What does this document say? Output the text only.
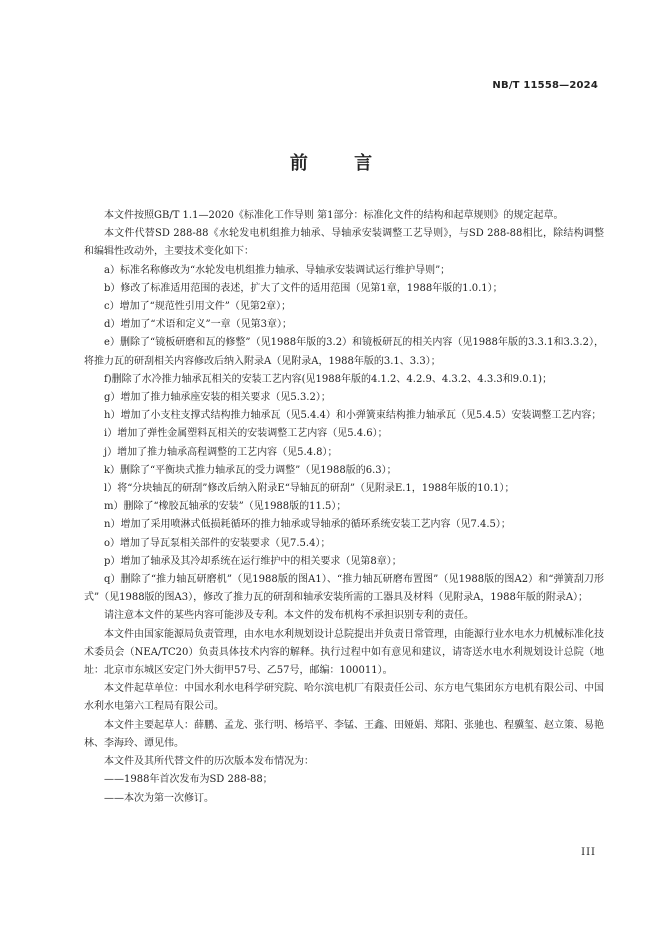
NB/T 11558—2024
前 言

本文件按照GB/T 1.1—2020《标准化工作导则 第1部分：标准化文件的结构和起草规则》的规定起草。

本文件代替SD 288-88《水轮发电机组推力轴承、导轴承安装调整工艺导则》，与SD 288-88相比，除结构调整和编辑性改动外，主要技术变化如下：

a）标准名称修改为“水轮发电机组推力轴承、导轴承安装调试运行维护导则”；

b）修改了标准适用范围的表述，扩大了文件的适用范围（见第1章，1988年版的1.0.1）；

c）增加了“规范性引用文件”（见第2章）；

d）增加了“术语和定义”一章（见第3章）；

e）删除了“镜板研磨和瓦的修整”（见1988年版的3.2）和镜板研瓦的相关内容（见1988年版的3.3.1和3.3.2），将推力瓦的研刮相关内容修改后纳入附录A（见附录A，1988年版的3.1、3.3）；

f)删除了水冷推力轴承瓦相关的安装工艺内容(见1988年版的4.1.2、4.2.9、4.3.2、4.3.3和9.0.1)；

g）增加了推力轴承座安装的相关要求（见5.3.2）；

h）增加了小支柱支撑式结构推力轴承瓦（见5.4.4）和小弹簧束结构推力轴承瓦（见5.4.5）安装调整工艺内容；

i）增加了弹性金属塑料瓦相关的安装调整工艺内容（见5.4.6）；

j）增加了推力轴承高程调整的工艺内容（见5.4.8）；

k）删除了“平衡块式推力轴承瓦的受力调整”（见1988版的6.3）；

l）将“分块轴瓦的研刮”修改后纳入附录E“导轴瓦的研刮”（见附录E.1，1988年版的10.1）；

m）删除了“橡胶瓦轴承的安装”（见1988版的11.5）；

n）增加了采用喷淋式低损耗循环的推力轴承或导轴承的循环系统安装工艺内容（见7.4.5）；

o）增加了导瓦泵相关部件的安装要求（见7.5.4）；

p）增加了轴承及其冷却系统在运行维护中的相关要求（见第8章）；

q）删除了“推力轴瓦研磨机”（见1988版的图A1）、“推力轴瓦研磨布置图”（见1988版的图A2）和“弹簧刮刀形式”（见1988版的图A3），修改了推力瓦的研刮和轴承安装所需的工器具及材料（见附录A，1988年版的附录A）；

请注意本文件的某些内容可能涉及专利。本文件的发布机构不承担识别专利的责任。

本文件由国家能源局负责管理，由水电水利规划设计总院提出并负责日常管理，由能源行业水电水力机械标准化技术委员会（NEA/TC20）负责具体技术内容的解释。执行过程中如有意见和建议，请寄送水电水利规划设计总院（地址：北京市东城区安定门外大街甲57号、乙57号，邮编：100011）。

本文件起草单位：中国水利水电科学研究院、哈尔滨电机厂有限责任公司、东方电气集团东方电机有限公司、中国水利水电第六工程局有限公司。

本文件主要起草人：薛鹏、孟龙、张行明、杨培平、李锰、王鑫、田娅娟、郑阳、张驰也、程骥玺、赵立策、易艳林、李海玲、谭见伟。

本文件及其所代替文件的历次版本发布情况为：

——1988年首次发布为SD 288-88；

——本次为第一次修订。

III
